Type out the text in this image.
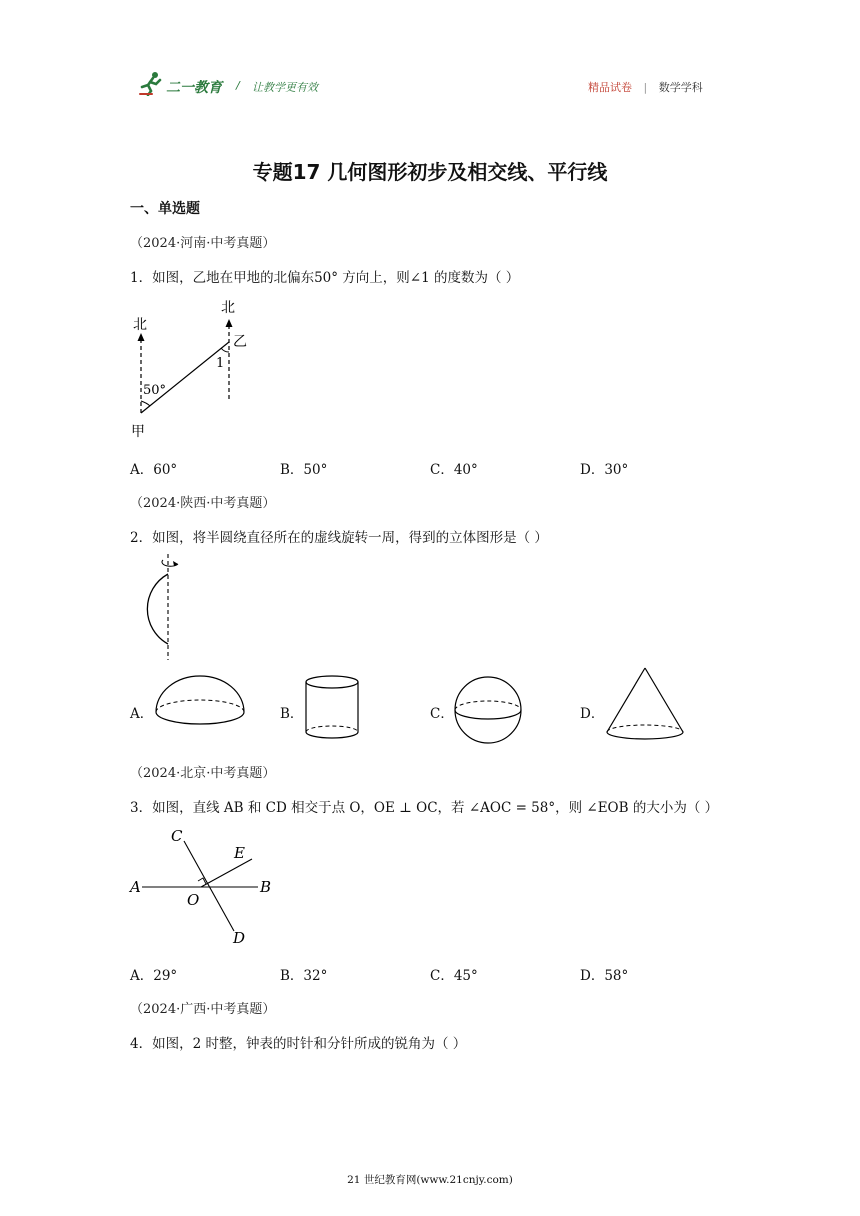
二一教育 / 让教学更有效	精品试卷 | 数学学科
专题17 几何图形初步及相交线、平行线
一、单选题
（2024·河南·中考真题）
1．如图，乙地在甲地的北偏东50° 方向上，则∠1 的度数为（ ）
北
北
乙
甲
50°
1
A．60°	B．50°	C．40°	D．30°
（2024·陕西·中考真题）
2．如图，将半圆绕直径所在的虚线旋转一周，得到的立体图形是（ ）
A．	B．	C．	D．
（2024·北京·中考真题）
3．如图，直线 AB 和 CD 相交于点 O，OE ⊥ OC，若 ∠AOC = 58°，则 ∠EOB 的大小为（ ）
A	B
C
D
E
O
A．29°	B．32°	C．45°	D．58°
（2024·广西·中考真题）
4．如图，2 时整，钟表的时针和分针所成的锐角为（ ）
21 世纪教育网(www.21cnjy.com)
